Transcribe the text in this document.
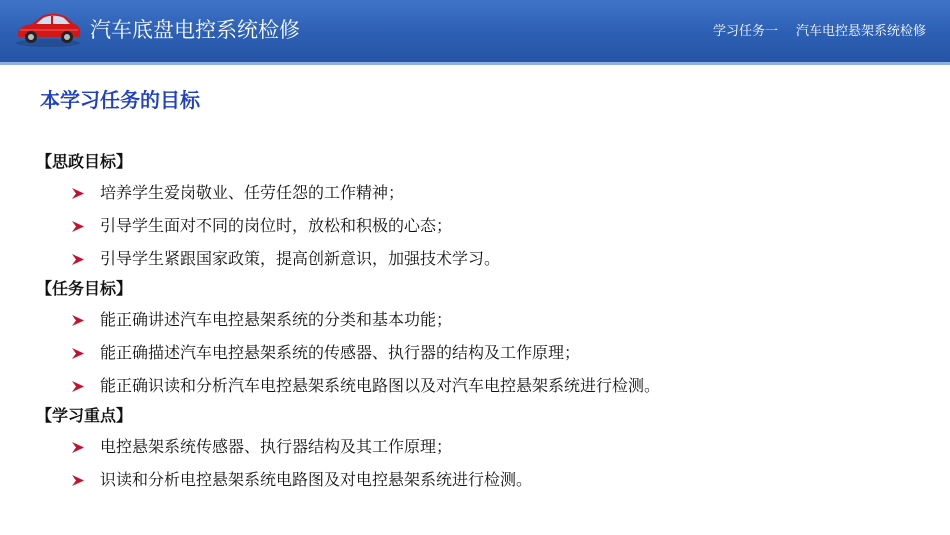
汽车底盘电控系统检修	学习任务一 汽车电控悬架系统检修
本学习任务的目标
【思政目标】
培养学生爱岗敬业、任劳任怨的工作精神；
引导学生面对不同的岗位时，放松和积极的心态；
引导学生紧跟国家政策，提高创新意识，加强技术学习。
【任务目标】
能正确讲述汽车电控悬架系统的分类和基本功能；
能正确描述汽车电控悬架系统的传感器、执行器的结构及工作原理；
能正确识读和分析汽车电控悬架系统电路图以及对汽车电控悬架系统进行检测。
【学习重点】
电控悬架系统传感器、执行器结构及其工作原理；
识读和分析电控悬架系统电路图及对电控悬架系统进行检测。
